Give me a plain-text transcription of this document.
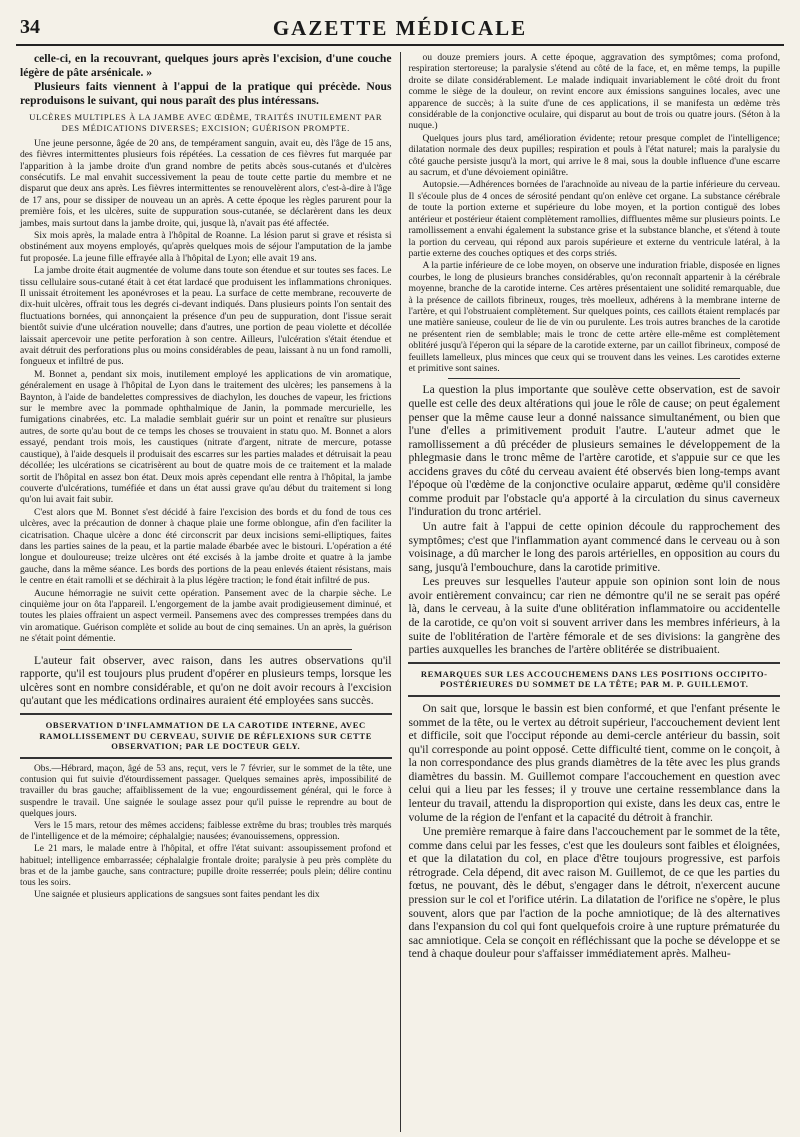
34	GAZETTE MÉDICALE

celle-ci, en la recouvrant, quelques jours après l'excision, d'une couche légère de pâte arsénicale. »

Plusieurs faits viennent à l'appui de la pratique qui précède. Nous reproduisons le suivant, qui nous paraît des plus intéressans.

ULCÈRES MULTIPLES À LA JAMBE AVEC ŒDÈME, TRAITÉS INUTILEMENT PAR DES MÉDICATIONS DIVERSES; EXCISION; GUÉRISON PROMPTE.

Une jeune personne, âgée de 20 ans, de tempérament sanguin, avait eu, dès l'âge de 15 ans, des fièvres intermittentes plusieurs fois répétées. La cessation de ces fièvres fut marquée par l'apparition à la jambe droite d'un grand nombre de petits abcès sous-cutanés et d'ulcères consécutifs. Le mal envahit successivement la peau de toute cette partie du membre et ne disparut que deux ans après. Les fièvres intermittentes se renouvelèrent alors, c'est-à-dire à l'âge de 17 ans, pour se dissiper de nouveau un an après. A cette époque les règles parurent pour la première fois, et les ulcères, suite de suppuration sous-cutanée, se déclarèrent dans les deux jambes, mais surtout dans la jambe droite, qui, jusque là, n'avait pas été affectée.

Six mois après, la malade entra à l'hôpital de Roanne. La lésion parut si grave et résista si obstinément aux moyens employés, qu'après quelques mois de séjour l'amputation de la jambe fut proposée. La jeune fille effrayée alla à l'hôpital de Lyon; elle avait 19 ans.

La jambe droite était augmentée de volume dans toute son étendue et sur toutes ses faces. Le tissu cellulaire sous-cutané était à cet état lardacé que produisent les inflammations chroniques. Il unissait étroitement les aponévroses et la peau. La surface de cette membrane, recouverte de dix-huit ulcères, offrait tous les degrés ci-devant indiqués. Dans plusieurs points l'on sentait des fluctuations bornées, qui annonçaient la présence d'un peu de suppuration, dont l'issue serait bientôt suivie d'une ulcération nouvelle; dans d'autres, une portion de peau violette et décollée laissait apercevoir une petite perforation à son centre. Ailleurs, l'ulcération s'était étendue et avait détruit des perforations plus ou moins considérables de peau, laissant à nu un fond ramolli, fongueux et infiltré de pus.

M. Bonnet a, pendant six mois, inutilement employé les applications de vin aromatique, généralement en usage à l'hôpital de Lyon dans le traitement des ulcères; les pansemens à la Baynton, à l'aide de bandelettes compressives de diachylon, les douches de vapeur, les frictions sur le membre avec la pommade ophthalmique de Janin, la pommade mercurielle, les fumigations cinabrées, etc. La maladie semblait guérir sur un point et renaître sur plusieurs autres, de sorte qu'au bout de ce temps les choses se trouvaient in statu quo. M. Bonnet a alors essayé, pendant trois mois, les caustiques (nitrate d'argent, nitrate de mercure, potasse caustique), à l'aide desquels il produisait des escarres sur les parties malades et détruisait la peau décollée; les ulcérations se cicatrisèrent au bout de quatre mois de ce traitement et la malade sortit de l'hôpital en assez bon état. Deux mois après cependant elle rentra à l'hôpital, la jambe couverte d'ulcérations, tuméfiée et dans un état aussi grave qu'au début du traitement si long qu'on lui avait fait subir.

C'est alors que M. Bonnet s'est décidé à faire l'excision des bords et du fond de tous ces ulcères, avec la précaution de donner à chaque plaie une forme oblongue, afin d'en faciliter la cicatrisation. Chaque ulcère a donc été circonscrit par deux incisions semi-elliptiques, faites dans les parties saines de la peau, et la partie malade ébarbée avec le bistouri. L'opération a été longue et douloureuse; treize ulcères ont été excisés à la jambe droite et quatre à la jambe gauche, dans la même séance. Les bords des portions de la peau enlevés étaient résistans, mais le centre en était ramolli et se déchirait à la plus légère traction; le fond était infiltré de pus.

Aucune hémorragie ne suivit cette opération. Pansement avec de la charpie sèche. Le cinquième jour on ôta l'appareil. L'engorgement de la jambe avait prodigieusement diminué, et toutes les plaies offraient un aspect vermeil. Pansemens avec des compresses trempées dans du vin aromatique. Guérison complète et solide au bout de cinq semaines. Un an après, la guérison ne s'était point démentie.

L'auteur fait observer, avec raison, dans les autres observations qu'il rapporte, qu'il est toujours plus prudent d'opérer en plusieurs temps, lorsque les ulcères sont en nombre considérable, et qu'on ne doit avoir recours à l'excision qu'autant que les médications ordinaires auraient été employées sans succès.

OBSERVATION D'INFLAMMATION DE LA CAROTIDE INTERNE, AVEC RAMOLLISSEMENT DU CERVEAU, SUIVIE DE RÉFLEXIONS SUR CETTE OBSERVATION; PAR LE DOCTEUR GELY.

Obs.—Hébrard, maçon, âgé de 53 ans, reçut, vers le 7 février, sur le sommet de la tête, une contusion qui fut suivie d'étourdissement passager. Quelques semaines après, impossibilité de travailler du bras gauche; affaiblissement de la vue; engourdissement général, qui le force à suspendre le travail. Une saignée le soulage assez pour qu'il puisse le reprendre au bout de quelques jours.

Vers le 15 mars, retour des mêmes accidens; faiblesse extrême du bras; troubles très marqués de l'intelligence et de la mémoire; céphalalgie; nausées; évanouissemens, oppression.

Le 21 mars, le malade entre à l'hôpital, et offre l'état suivant: assoupissement profond et habituel; intelligence embarrassée; céphalalgie frontale droite; paralysie à peu près complète du bras et de la jambe gauche, sans contracture; pupille droite resserrée; pouls plein; délire continu tous les soirs.

Une saignée et plusieurs applications de sangsues sont faites pendant les dix

ou douze premiers jours. A cette époque, aggravation des symptômes; coma profond, respiration stertoreuse; la paralysie s'étend au côté de la face, et, en même temps, la pupille droite se dilate considérablement. Le malade indiquait invariablement le côté droit du front comme le siège de la douleur, on revint encore aux émissions sanguines locales, avec une apparence de succès; à la suite d'une de ces applications, il se manifesta un œdème très considérable de la conjonctive oculaire, qui disparut au bout de trois ou quatre jours. (Séton à la nuque.)

Quelques jours plus tard, amélioration évidente; retour presque complet de l'intelligence; dilatation normale des deux pupilles; respiration et pouls à l'état naturel; mais la paralysie du côté gauche persiste jusqu'à la mort, qui arrive le 8 mai, sous la double influence d'une escarre au sacrum, et d'une dévoiement opiniâtre.

Autopsie.—Adhérences bornées de l'arachnoïde au niveau de la partie inférieure du cerveau. Il s'écoule plus de 4 onces de sérosité pendant qu'on enlève cet organe. La substance cérébrale de toute la portion externe et supérieure du lobe moyen, et la portion contiguë des lobes antérieur et postérieur étaient complètement ramollies, diffluentes même sur plusieurs points. Le ramollissement a envahi également la substance grise et la substance blanche, et s'étend à toute la portion du cerveau, qui répond aux parois supérieure et externe du ventricule latéral, à la partie externe des couches optiques et des corps striés.

A la partie inférieure de ce lobe moyen, on observe une induration friable, disposée en lignes courbes, le long de plusieurs branches considérables, qu'on reconnaît appartenir à la cérébrale moyenne, branche de la carotide interne. Ces artères présentaient une solidité remarquable, due à la présence de caillots fibrineux, rouges, très moelleux, adhérens à la membrane interne de l'artère, et qui l'obstruaient complètement. Sur quelques points, ces caillots étaient remplacés par une matière sanieuse, couleur de lie de vin ou purulente. Les trois autres branches de la carotide ne présentent rien de semblable; mais le tronc de cette artère elle-même est complètement oblitéré jusqu'à l'éperon qui la sépare de la carotide externe, par un caillot fibrineux, composé de feuillets lamelleux, plus minces que ceux qui se trouvent dans les veines. Les carotides externe et primitive sont saines.

La question la plus importante que soulève cette observation, est de savoir quelle est celle des deux altérations qui joue le rôle de cause; on peut également penser que la même cause leur a donné naissance simultanément, ou bien que l'une d'elles a primitivement produit l'autre. L'auteur admet que le ramollissement a dû précéder de plusieurs semaines le développement de la phlegmasie dans le tronc même de l'artère carotide, et s'appuie sur ce que les accidens graves du côté du cerveau avaient été observés bien long-temps avant l'époque où l'œdème de la conjonctive oculaire apparut, œdème qu'il considère comme produit par l'obstacle qu'a apporté à la circulation du sinus caverneux l'induration du tronc artériel.

Un autre fait à l'appui de cette opinion découle du rapprochement des symptômes; c'est que l'inflammation ayant commencé dans le cerveau ou à son voisinage, a dû marcher le long des parois artérielles, en opposition au cours du sang, jusqu'à l'embouchure, dans la carotide primitive.

Les preuves sur lesquelles l'auteur appuie son opinion sont loin de nous avoir entièrement convaincu; car rien ne démontre qu'il ne se serait pas opéré là, dans le cerveau, à la suite d'une oblitération inflammatoire ou accidentelle de la carotide, ce qu'on voit si souvent arriver dans les membres inférieurs, à la suite de l'oblitération de l'artère fémorale et de ses divisions: la gangrène des parties auxquelles les branches de l'artère oblitérée se distribuaient.

REMARQUES SUR LES ACCOUCHEMENS DANS LES POSITIONS OCCIPITO-POSTÉRIEURES DU SOMMET DE LA TÊTE; PAR M. P. GUILLEMOT.

On sait que, lorsque le bassin est bien conformé, et que l'enfant présente le sommet de la tête, ou le vertex au détroit supérieur, l'accouchement devient lent et difficile, soit que l'occiput réponde au demi-cercle antérieur du bassin, soit qu'il corresponde au point opposé. Cette difficulté tient, comme on le conçoit, à la non correspondance des plus grands diamètres de la tête avec les plus grands diamètres du bassin. M. Guillemot compare l'accouchement en question avec celui qui a lieu par les fesses; il y trouve une certaine ressemblance dans la lenteur du travail, attendu la disproportion qui existe, dans les deux cas, entre le volume de la région de l'enfant et la capacité du détroit à franchir.

Une première remarque à faire dans l'accouchement par le sommet de la tête, comme dans celui par les fesses, c'est que les douleurs sont faibles et éloignées, et que la dilatation du col, en place d'être toujours progressive, est parfois rétrograde. Cela dépend, dit avec raison M. Guillemot, de ce que les parties du fœtus, ne pouvant, dès le début, s'engager dans le détroit, n'exercent aucune pression sur le col et l'orifice utérin. La dilatation de l'orifice ne s'opère, le plus souvent, alors que par l'action de la poche amniotique; de là des alternatives dans l'expansion du col qui font quelquefois croire à une rupture prématurée du sac amniotique. Cela se conçoit en réfléchissant que la poche se développe et se tend à chaque douleur pour s'affaisser immédiatement après. Malheu-
